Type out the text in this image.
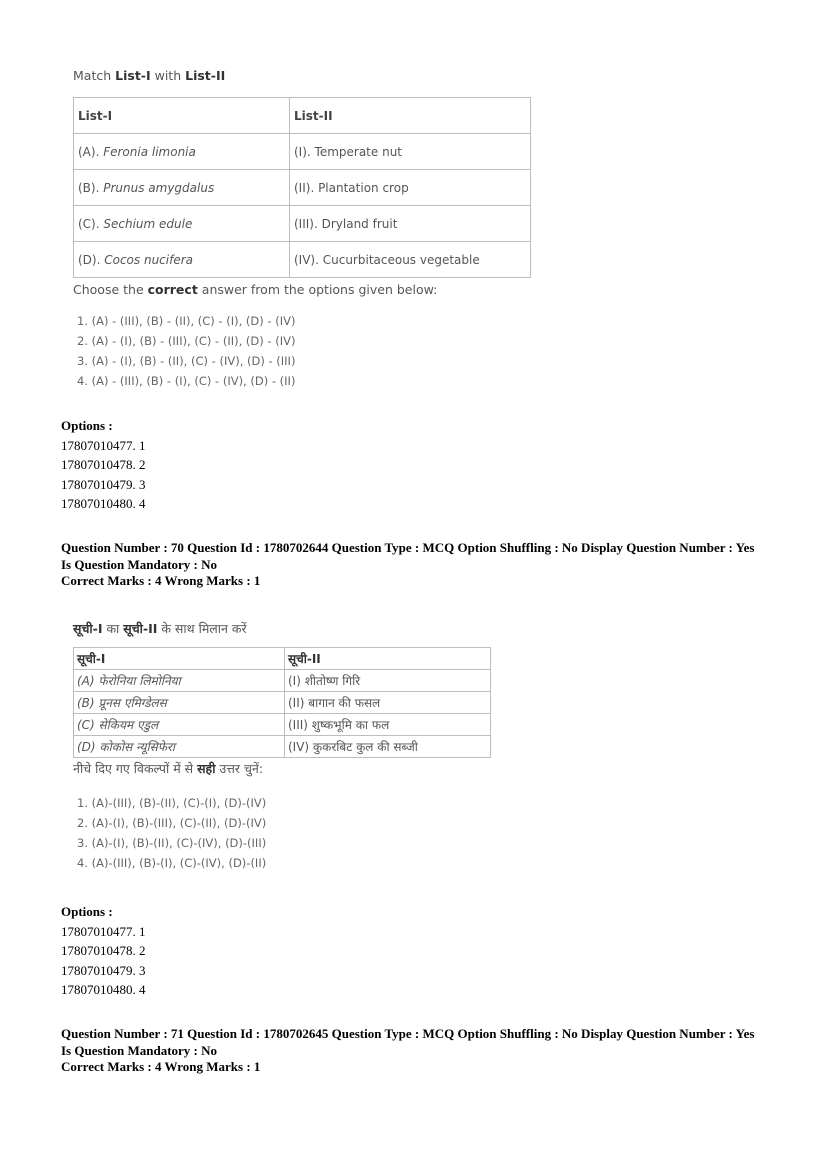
Match List-I with List-II
List-I	List-II
(A). Feronia limonia	(I). Temperate nut
(B). Prunus amygdalus	(II). Plantation crop
(C). Sechium edule	(III). Dryland fruit
(D). Cocos nucifera	(IV). Cucurbitaceous vegetable
Choose the correct answer from the options given below:
1. (A) - (III), (B) - (II), (C) - (I), (D) - (IV)
2. (A) - (I), (B) - (III), (C) - (II), (D) - (IV)
3. (A) - (I), (B) - (II), (C) - (IV), (D) - (III)
4. (A) - (III), (B) - (I), (C) - (IV), (D) - (II)
Options :
17807010477. 1
17807010478. 2
17807010479. 3
17807010480. 4
Question Number : 70 Question Id : 1780702644 Question Type : MCQ Option Shuffling : No Display Question Number : Yes
Is Question Mandatory : No
Correct Marks : 4 Wrong Marks : 1
सूची-I का सूची-II के साथ मिलान करें
सूची-I	सूची-II
(A) फेरोनिया लिमोनिया	(I) शीतोष्ण गिरि
(B) प्रूनस एमिग्डेलस	(II) बागान की फसल
(C) सेकियम एडुल	(III) शुष्कभूमि का फल
(D) कोकोस न्यूसिफेरा	(IV) कुकरबिट कुल की सब्जी
नीचे दिए गए विकल्पों में से सही उत्तर चुनें:
1. (A)-(III), (B)-(II), (C)-(I), (D)-(IV)
2. (A)-(I), (B)-(III), (C)-(II), (D)-(IV)
3. (A)-(I), (B)-(II), (C)-(IV), (D)-(III)
4. (A)-(III), (B)-(I), (C)-(IV), (D)-(II)
Options :
17807010477. 1
17807010478. 2
17807010479. 3
17807010480. 4
Question Number : 71 Question Id : 1780702645 Question Type : MCQ Option Shuffling : No Display Question Number : Yes
Is Question Mandatory : No
Correct Marks : 4 Wrong Marks : 1
